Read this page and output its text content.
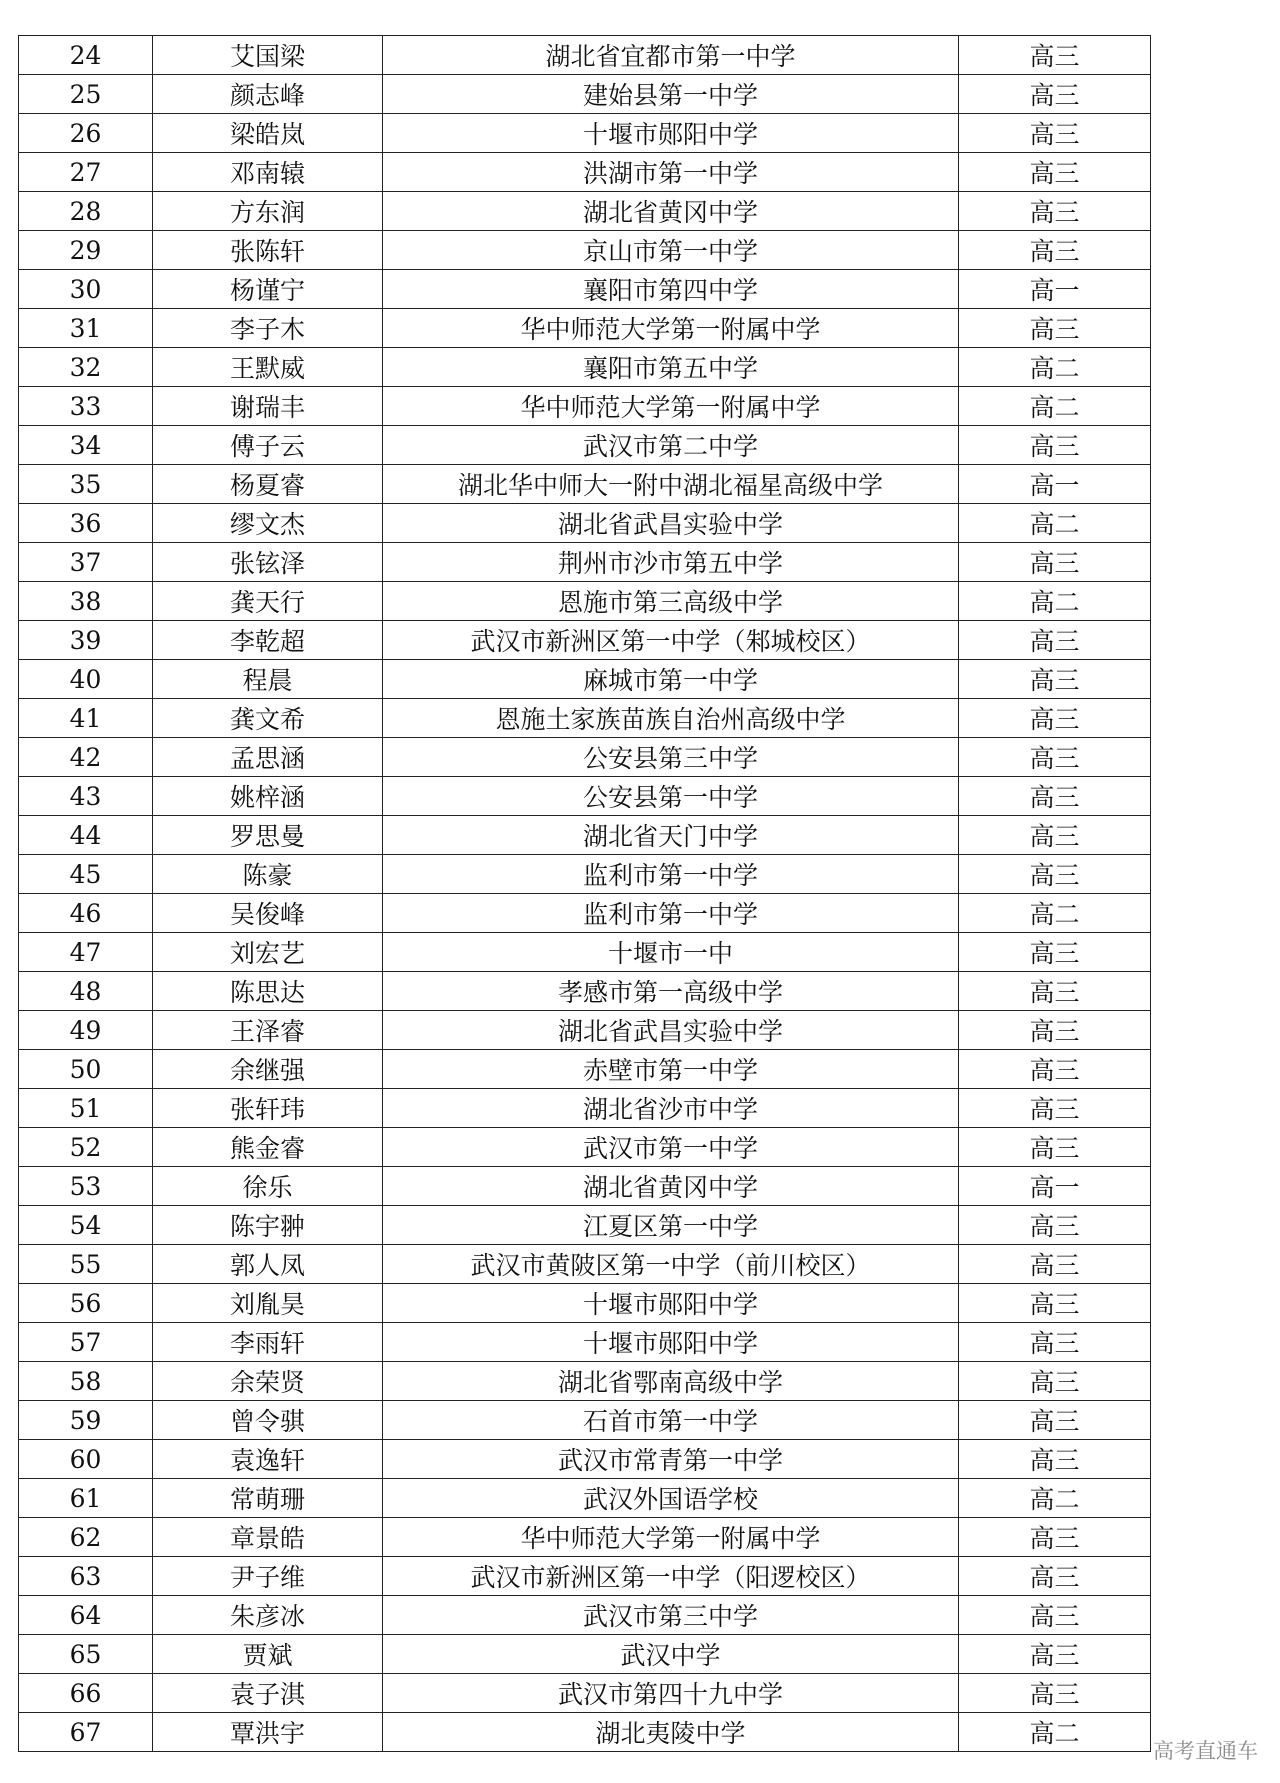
24	艾国梁	湖北省宜都市第一中学	高三
25	颜志峰	建始县第一中学	高三
26	梁皓岚	十堰市郧阳中学	高三
27	邓南辕	洪湖市第一中学	高三
28	方东润	湖北省黄冈中学	高三
29	张陈轩	京山市第一中学	高三
30	杨谨宁	襄阳市第四中学	高一
31	李子木	华中师范大学第一附属中学	高三
32	王默威	襄阳市第五中学	高二
33	谢瑞丰	华中师范大学第一附属中学	高二
34	傅子云	武汉市第二中学	高三
35	杨夏睿	湖北华中师大一附中湖北福星高级中学	高一
36	缪文杰	湖北省武昌实验中学	高二
37	张铉泽	荆州市沙市第五中学	高三
38	龚天行	恩施市第三高级中学	高二
39	李乾超	武汉市新洲区第一中学（邾城校区）	高三
40	程晨	麻城市第一中学	高三
41	龚文希	恩施土家族苗族自治州高级中学	高三
42	孟思涵	公安县第三中学	高三
43	姚梓涵	公安县第一中学	高三
44	罗思曼	湖北省天门中学	高三
45	陈豪	监利市第一中学	高三
46	吴俊峰	监利市第一中学	高二
47	刘宏艺	十堰市一中	高三
48	陈思达	孝感市第一高级中学	高三
49	王泽睿	湖北省武昌实验中学	高三
50	余继强	赤壁市第一中学	高三
51	张轩玮	湖北省沙市中学	高三
52	熊金睿	武汉市第一中学	高三
53	徐乐	湖北省黄冈中学	高一
54	陈宇翀	江夏区第一中学	高三
55	郭人凤	武汉市黄陂区第一中学（前川校区）	高三
56	刘胤昊	十堰市郧阳中学	高三
57	李雨轩	十堰市郧阳中学	高三
58	余荣贤	湖北省鄂南高级中学	高三
59	曾令骐	石首市第一中学	高三
60	袁逸轩	武汉市常青第一中学	高三
61	常萌珊	武汉外国语学校	高二
62	章景皓	华中师范大学第一附属中学	高三
63	尹子维	武汉市新洲区第一中学（阳逻校区）	高三
64	朱彦冰	武汉市第三中学	高三
65	贾斌	武汉中学	高三
66	袁子淇	武汉市第四十九中学	高三
67	覃洪宇	湖北夷陵中学	高二
高考直通车
